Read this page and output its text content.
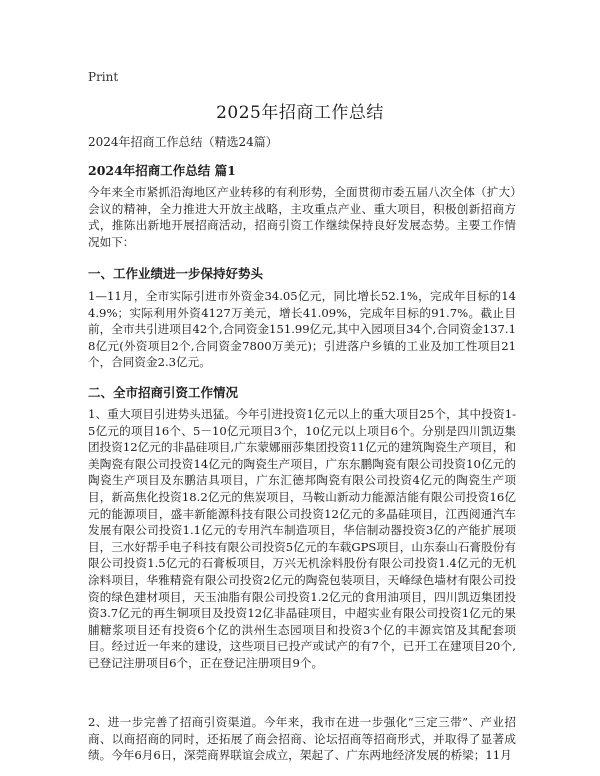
Print
2025年招商工作总结
2024年招商工作总结（精选24篇）
2024年招商工作总结 篇1

今年来全市紧抓沿海地区产业转移的有利形势，全面贯彻市委五届八次全体（扩大）会议的精神，全力推进大开放主战略，主攻重点产业、重大项目，积极创新招商方式，推陈出新地开展招商活动，招商引资工作继续保持良好发展态势。主要工作情况如下：

一、工作业绩进一步保持好势头

1—11月，全市实际引进市外资金34.05亿元，同比增长52.1%，完成年目标的144.9%；实际利用外资4127万美元，增长41.09%，完成年目标的91.7%。截止目前，全市共引进项目42个,合同资金151.99亿元,其中入园项目34个,合同资金137.18亿元(外资项目2个,合同资金7800万美元)；引进落户乡镇的工业及加工性项目21个，合同资金2.3亿元。

二、全市招商引资工作情况

1、重大项目引进势头迅猛。今年引进投资1亿元以上的重大项目25个，其中投资1-5亿元的项目16个、5－10亿元项目3个，10亿元以上项目6个。分别是四川凯迈集团投资12亿元的非晶硅项目,广东蒙娜丽莎集团投资11亿元的建筑陶瓷生产项目，和美陶瓷有限公司投资14亿元的陶瓷生产项目，广东东鹏陶瓷有限公司投资10亿元的陶瓷生产项目及东鹏洁具项目，广东汇德邦陶瓷有限公司投资4亿元的陶瓷生产项目，新高焦化投资18.2亿元的焦炭项目，马鞍山新动力能源洁能有限公司投资16亿元的能源项目，盛丰新能源科技有限公司投资12亿元的多晶硅项目，江西阅通汽车发展有限公司投资1.1亿元的专用汽车制造项目，华信制动器投资3亿的产能扩展项目，三水好帮手电子科技有限公司投资5亿元的车载GPS项目，山东泰山石膏股份有限公司投资1.5亿元的石膏板项目，万兴无机涂料股份有限公司投资1.4亿元的无机涂料项目，华雅精瓷有限公司投资2亿元的陶瓷包装项目，天峰绿色墙材有限公司投资的绿色建材项目，天玉油脂有限公司投资1.2亿元的食用油项目，四川凯迈集团投资3.7亿元的再生铜项目及投资12亿非晶硅项目，中超实业有限公司投资1亿元的果脯糖浆项目还有投资6个亿的洪州生态园项目和投资3个亿的丰源宾馆及其配套项目。经过近一年来的建设，这些项目已投产或试产的有7个，已开工在建项目20个,已登记注册项目6个，正在登记注册项目9个。

2、进一步完善了招商引资渠道。今年来，我市在进一步强化“三定三带”、产业招商、以商招商的同时，还拓展了商会招商、论坛招商等招商形式，并取得了显著成绩。今年6月6日，深莞商界联谊会成立，架起了、广东两地经济发展的桥梁；11月
